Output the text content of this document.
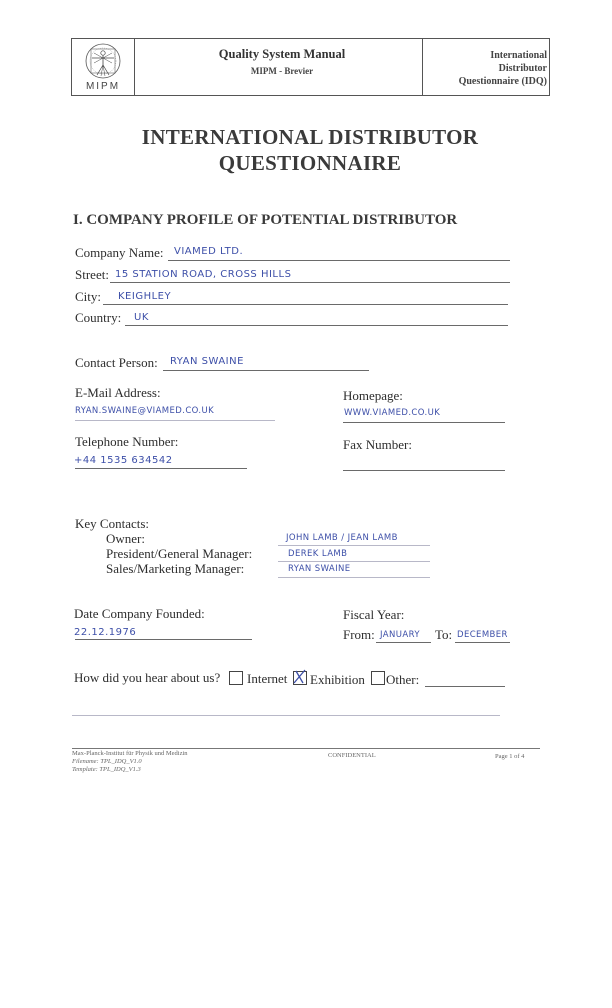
MIPM
Quality System Manual
MIPM - Brevier
International
Distributor
Questionnaire (IDQ)
INTERNATIONAL DISTRIBUTOR
QUESTIONNAIRE
I. COMPANY PROFILE OF POTENTIAL DISTRIBUTOR
Company Name: VIAMED LTD.
Street: 15 STATION ROAD, CROSS HILLS
City: KEIGHLEY
Country: UK
Contact Person: RYAN SWAINE
E-Mail Address:
RYAN.SWAINE@VIAMED.CO.UK
Homepage:
WWW.VIAMED.CO.UK
Telephone Number:
+44 1535 634542
Fax Number:
Key Contacts:
Owner:	JOHN LAMB / JEAN LAMB
President/General Manager:	DEREK LAMB
Sales/Marketing Manager:	RYAN SWAINE
Date Company Founded:
22.12.1976
Fiscal Year:
From: JANUARY To: DECEMBER
How did you hear about us? Internet Exhibition Other:
Max-Planck-Institut für Physik und Medizin
Filename: TPL_IDQ_V1.0
Template: TPL_IDQ_V1.3
CONFIDENTIAL	Page 1 of 4
